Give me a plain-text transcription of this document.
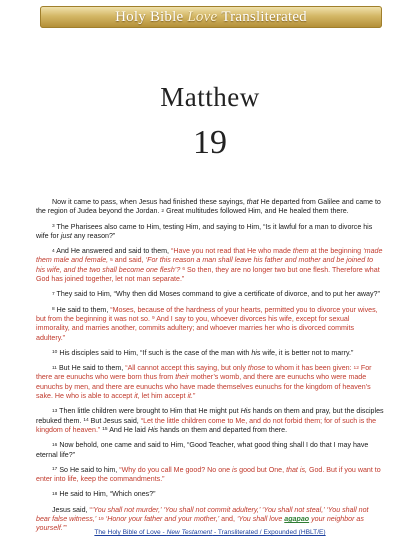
Holy Bible Love Transliterated
Matthew
19

Now it came to pass, when Jesus had finished these sayings, that He departed from Galilee and came to the region of Judea beyond the Jordan. $^2$ Great multitudes followed Him, and He healed them there.

$^3$ The Pharisees also came to Him, testing Him, and saying to Him, “Is it lawful for a man to divorce his wife for just any reason?”

$^4$ And He answered and said to them, “Have you not read that He who made them at the beginning ‘made them male and female, $^5$ and said, ‘For this reason a man shall leave his father and mother and be joined to his wife, and the two shall become one flesh’? $^6$ So then, they are no longer two but one flesh. Therefore what God has joined together, let not man separate.”

$^7$ They said to Him, “Why then did Moses command to give a certificate of divorce, and to put her away?”

$^8$ He said to them, “Moses, because of the hardness of your hearts, permitted you to divorce your wives, but from the beginning it was not so. $^9$ And I say to you, whoever divorces his wife, except for sexual immorality, and marries another, commits adultery; and whoever marries her who is divorced commits adultery.”

$^{10}$ His disciples said to Him, “If such is the case of the man with his wife, it is better not to marry.”

$^{11}$ But He said to them, “All cannot accept this saying, but only those to whom it has been given: $^{12}$ For there are eunuchs who were born thus from their mother’s womb, and there are eunuchs who were made eunuchs by men, and there are eunuchs who have made themselves eunuchs for the kingdom of heaven’s sake. He who is able to accept it, let him accept it.”

$^{13}$ Then little children were brought to Him that He might put His hands on them and pray, but the disciples rebuked them. $^{14}$ But Jesus said, “Let the little children come to Me, and do not forbid them; for of such is the kingdom of heaven.” $^{15}$ And He laid His hands on them and departed from there.

$^{16}$ Now behold, one came and said to Him, “Good Teacher, what good thing shall I do that I may have eternal life?”

$^{17}$ So He said to him, “Why do you call Me good? No one is good but One, that is, God. But if you want to enter into life, keep the commandments.”

$^{18}$ He said to Him, “Which ones?”

Jesus said, “‘You shall not murder,’ ‘You shall not commit adultery,’ ‘You shall not steal,’ ‘You shall not bear false witness,’ $^{19}$ ‘Honor your father and your mother,’ and, ‘You shall love agapao your neighbor as yourself.’”

The Holy Bible of Love - New Testament - Transliterated / Expounded (HBLT/E)
